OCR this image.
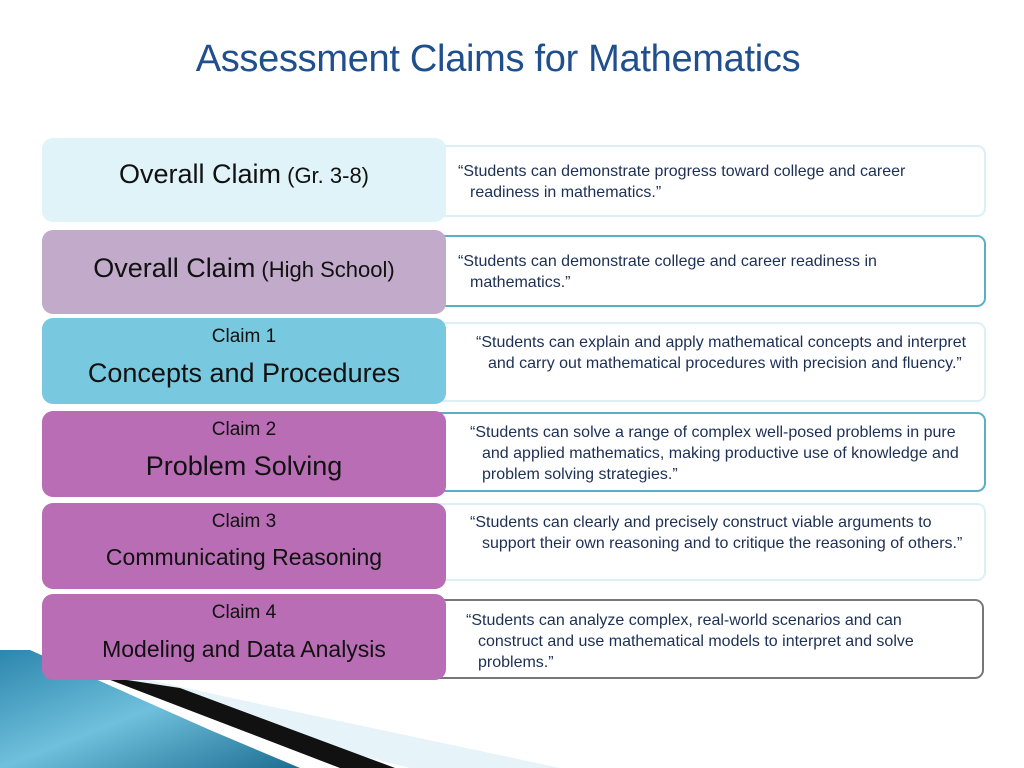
Assessment Claims for Mathematics

“Students can demonstrate progress toward college and career readiness in mathematics.”

Overall Claim (Gr. 3-8)

“Students can demonstrate college and career readiness in mathematics.”

Overall Claim (High School)

“Students can explain and apply mathematical concepts and interpret and carry out mathematical procedures with precision and fluency.”

Claim 1
Concepts and Procedures

“Students can solve a range of complex well-posed problems in pure and applied mathematics, making productive use of knowledge and problem solving strategies.”

Claim 2
Problem Solving

“Students can clearly and precisely construct viable arguments to support their own reasoning and to critique the reasoning of others.”

Claim 3
Communicating Reasoning

“Students can analyze complex, real-world scenarios and can construct and use mathematical models to interpret and solve problems.”

Claim 4
Modeling and Data Analysis
